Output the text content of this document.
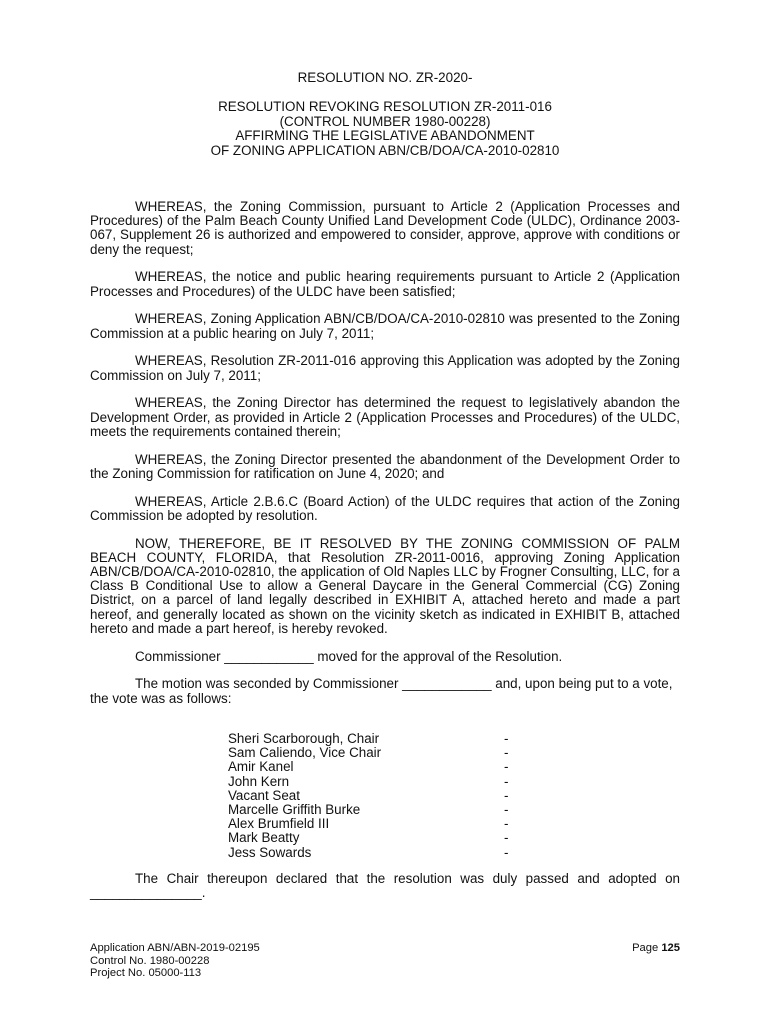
RESOLUTION NO. ZR-2020-
RESOLUTION REVOKING RESOLUTION ZR-2011-016
(CONTROL NUMBER 1980-00228)
AFFIRMING THE LEGISLATIVE ABANDONMENT
OF ZONING APPLICATION ABN/CB/DOA/CA-2010-02810

WHEREAS, the Zoning Commission, pursuant to Article 2 (Application Processes and Procedures) of the Palm Beach County Unified Land Development Code (ULDC), Ordinance 2003-067, Supplement 26 is authorized and empowered to consider, approve, approve with conditions or deny the request;

WHEREAS, the notice and public hearing requirements pursuant to Article 2 (Application Processes and Procedures) of the ULDC have been satisfied;

WHEREAS, Zoning Application ABN/CB/DOA/CA-2010-02810 was presented to the Zoning Commission at a public hearing on July 7, 2011;

WHEREAS, Resolution ZR-2011-016 approving this Application was adopted by the Zoning Commission on July 7, 2011;

WHEREAS, the Zoning Director has determined the request to legislatively abandon the Development Order, as provided in Article 2 (Application Processes and Procedures) of the ULDC, meets the requirements contained therein;

WHEREAS, the Zoning Director presented the abandonment of the Development Order to the Zoning Commission for ratification on June 4, 2020; and

WHEREAS, Article 2.B.6.C (Board Action) of the ULDC requires that action of the Zoning Commission be adopted by resolution.

NOW, THEREFORE, BE IT RESOLVED BY THE ZONING COMMISSION OF PALM BEACH COUNTY, FLORIDA, that Resolution ZR-2011-0016, approving Zoning Application ABN/CB/DOA/CA-2010-02810, the application of Old Naples LLC by Frogner Consulting, LLC, for a Class B Conditional Use to allow a General Daycare in the General Commercial (CG) Zoning District, on a parcel of land legally described in EXHIBIT A, attached hereto and made a part hereof, and generally located as shown on the vicinity sketch as indicated in EXHIBIT B, attached hereto and made a part hereof, is hereby revoked.

Commissioner ____________ moved for the approval of the Resolution.

The motion was seconded by Commissioner ____________ and, upon being put to a vote, the vote was as follows:

Sheri Scarborough, Chair	-
Sam Caliendo, Vice Chair	-
Amir Kanel	-
John Kern	-
Vacant Seat	-
Marcelle Griffith Burke	-
Alex Brumfield III	-
Mark Beatty	-
Jess Sowards	-

The Chair thereupon declared that the resolution was duly passed and adopted on _______________.

Application ABN/ABN-2019-02195
Control No. 1980-00228
Project No. 05000-113
Page 125
